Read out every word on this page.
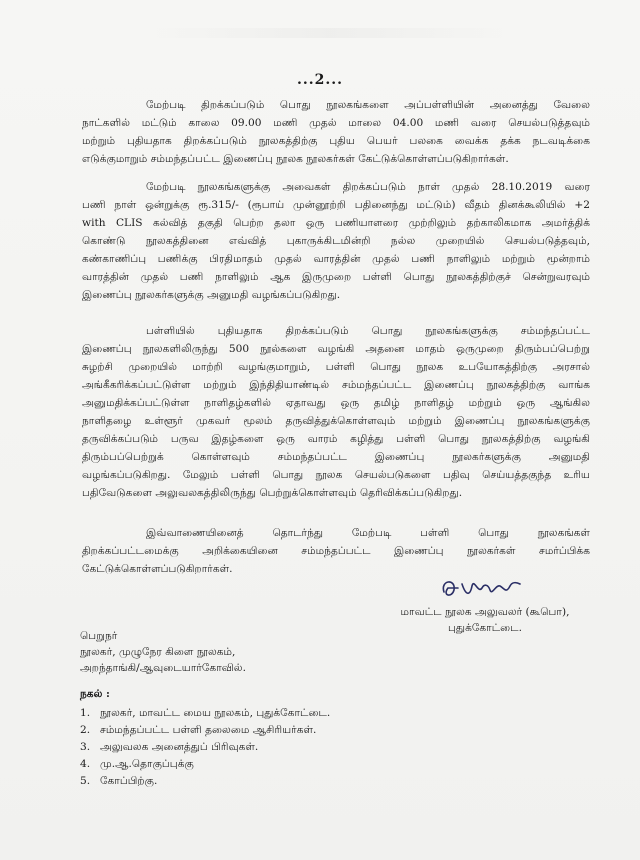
...2...
மேற்படி திறக்கப்படும் பொது நூலகங்களை அப்பள்ளியின் அனைத்து வேலை
நாட்களில் மட்டும் காலை 09.00 மணி முதல் மாலை 04.00 மணி வரை செயல்படுத்தவும்
மற்றும் புதியதாக திறக்கப்படும் நூலகத்திற்கு புதிய பெயர் பலகை வைக்க தக்க நடவடிக்கை
எடுக்குமாறும் சம்மந்தப்பட்ட இணைப்பு நூலக நூலகர்கள் கேட்டுக்கொள்ளப்படுகிறார்கள்.
மேற்படி நூலகங்களுக்கு அவைகள் திறக்கப்படும் நாள் முதல் 28.10.2019 வரை
பணி நாள் ஒன்றுக்கு ரூ.315/- (ரூபாய் முன்னூற்றி பதினைந்து மட்டும்) வீதம் தினக்கூலியில் +2
with CLIS கல்வித் தகுதி பெற்ற தலா ஒரு பணியாளரை முற்றிலும் தற்காலிகமாக அமர்த்திக்
கொண்டு நூலகத்தினை எவ்வித் புகாருக்கிடமின்றி நல்ல முறையில் செயல்படுத்தவும்,
கண்காணிப்பு பணிக்கு பிரதிமாதம் முதல் வாரத்தின் முதல் பணி நாளிலும் மற்றும் மூன்றாம்
வாரத்தின் முதல் பணி நாளிலும் ஆக இருமுறை பள்ளி பொது நூலகத்திற்குச் சென்றுவரவும்
இணைப்பு நூலகர்களுக்கு அனுமதி வழங்கப்படுகிறது.
பள்ளியில் புதியதாக திறக்கப்படும் பொது நூலகங்களுக்கு சம்மந்தப்பட்ட
இணைப்பு நூலகளிலிருந்து 500 நூல்களை வழங்கி அதனை மாதம் ஒருமுறை திரும்பப்பெற்று
சுழற்சி முறையில் மாற்றி வழங்குமாறும், பள்ளி பொது நூலக உபயோகத்திற்கு அரசால்
அங்கீகரிக்கப்பட்டுள்ள மற்றும் இந்திதியாண்டில் சம்மந்தப்பட்ட இணைப்பு நூலகத்திற்கு வாங்க
அனுமதிக்கப்பட்டுள்ள நாளிதழ்களில் ஏதாவது ஒரு தமிழ் நாளிதழ் மற்றும் ஒரு ஆங்கில
நாளிதழை உள்ளூர் முகவர் மூலம் தருவித்துக்கொள்ளவும் மற்றும் இணைப்பு நூலகங்களுக்கு
தருவிக்கப்படும் பருவ இதழ்களை ஒரு வாரம் கழித்து பள்ளி பொது நூலகத்திற்கு வழங்கி
திரும்பப்பெற்றுக் கொள்ளவும் சம்மந்தப்பட்ட இணைப்பு நூலகர்களுக்கு அனுமதி
வழங்கப்படுகிறது. மேலும் பள்ளி பொது நூலக செயல்படுகளை பதிவு செய்யத்தகுந்த உரிய
பதிவேடுகளை அலுவலகத்திலிருந்து பெற்றுக்கொள்ளவும் தெரிவிக்கப்படுகிறது.
இவ்வாணையினைத் தொடர்ந்து மேற்படி பள்ளி பொது நூலகங்கள்
திறக்கப்பட்டமைக்கு அறிக்கையினை சம்மந்தப்பட்ட இணைப்பு நூலகர்கள் சமர்ப்பிக்க
கேட்டுக்கொள்ளப்படுகிறார்கள்.
மாவட்ட நூலக அலுவலர் (கூபொ),
புதுக்கோட்டை.
பெறுநர்
நூலகர், முழுநேர கிளை நூலகம்,
அறந்தாங்கி/ஆவுடையார்கோவில்.
நகல் :
1. நூலகர், மாவட்ட மைய நூலகம், புதுக்கோட்டை.
2. சம்மந்தப்பட்ட பள்ளி தலைமை ஆசிரியர்கள்.
3. அலுவலக அனைத்துப் பிரிவுகள்.
4. மு.ஆ.தொகுப்புக்கு
5. கோப்பிற்கு.
